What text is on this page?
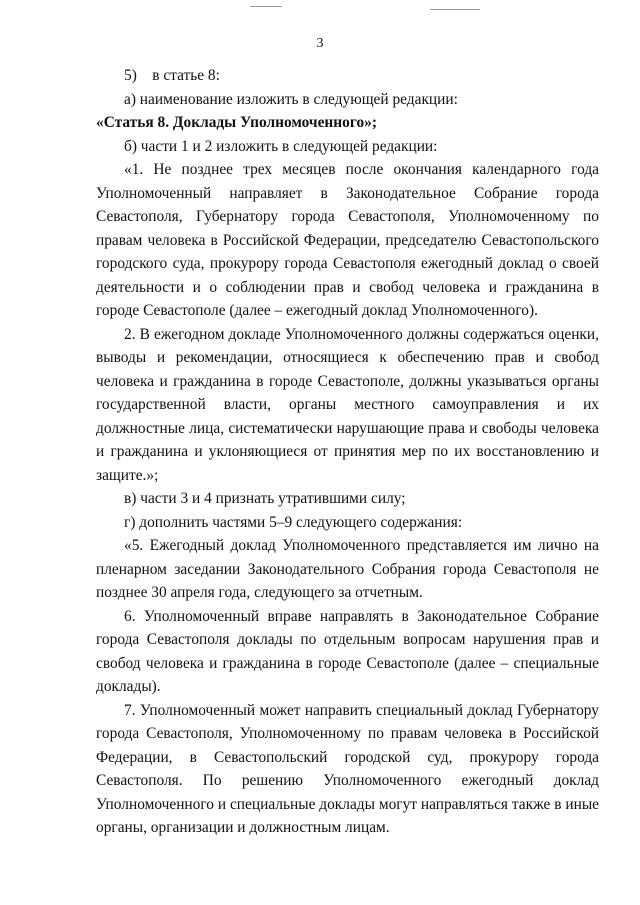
3

5)    в статье 8:

а) наименование изложить в следующей редакции:

«Статья 8. Доклады Уполномоченного»;

б) части 1 и 2 изложить в следующей редакции:

«1. Не позднее трех месяцев после окончания календарного года Уполномоченный направляет в Законодательное Собрание города Севастополя, Губернатору города Севастополя, Уполномоченному по правам человека в Российской Федерации, председателю Севастопольского городского суда, прокурору города Севастополя ежегодный доклад о своей деятельности и о соблюдении прав и свобод человека и гражданина в городе Севастополе (далее – ежегодный доклад Уполномоченного).

2. В ежегодном докладе Уполномоченного должны содержаться оценки, выводы и рекомендации, относящиеся к обеспечению прав и свобод человека и гражданина в городе Севастополе, должны указываться органы государственной власти, органы местного самоуправления и их должностные лица, систематически нарушающие права и свободы человека и гражданина и уклоняющиеся от принятия мер по их восстановлению и защите.»;

в) части 3 и 4 признать утратившими силу;

г) дополнить частями 5–9 следующего содержания:

«5. Ежегодный доклад Уполномоченного представляется им лично на пленарном заседании Законодательного Собрания города Севастополя не позднее 30 апреля года, следующего за отчетным.

6. Уполномоченный вправе направлять в Законодательное Собрание города Севастополя доклады по отдельным вопросам нарушения прав и свобод человека и гражданина в городе Севастополе (далее – специальные доклады).

7. Уполномоченный может направить специальный доклад Губернатору города Севастополя, Уполномоченному по правам человека в Российской Федерации, в Севастопольский городской суд, прокурору города Севастополя. По решению Уполномоченного ежегодный доклад Уполномоченного и специальные доклады могут направляться также в иные органы, организации и должностным лицам.
